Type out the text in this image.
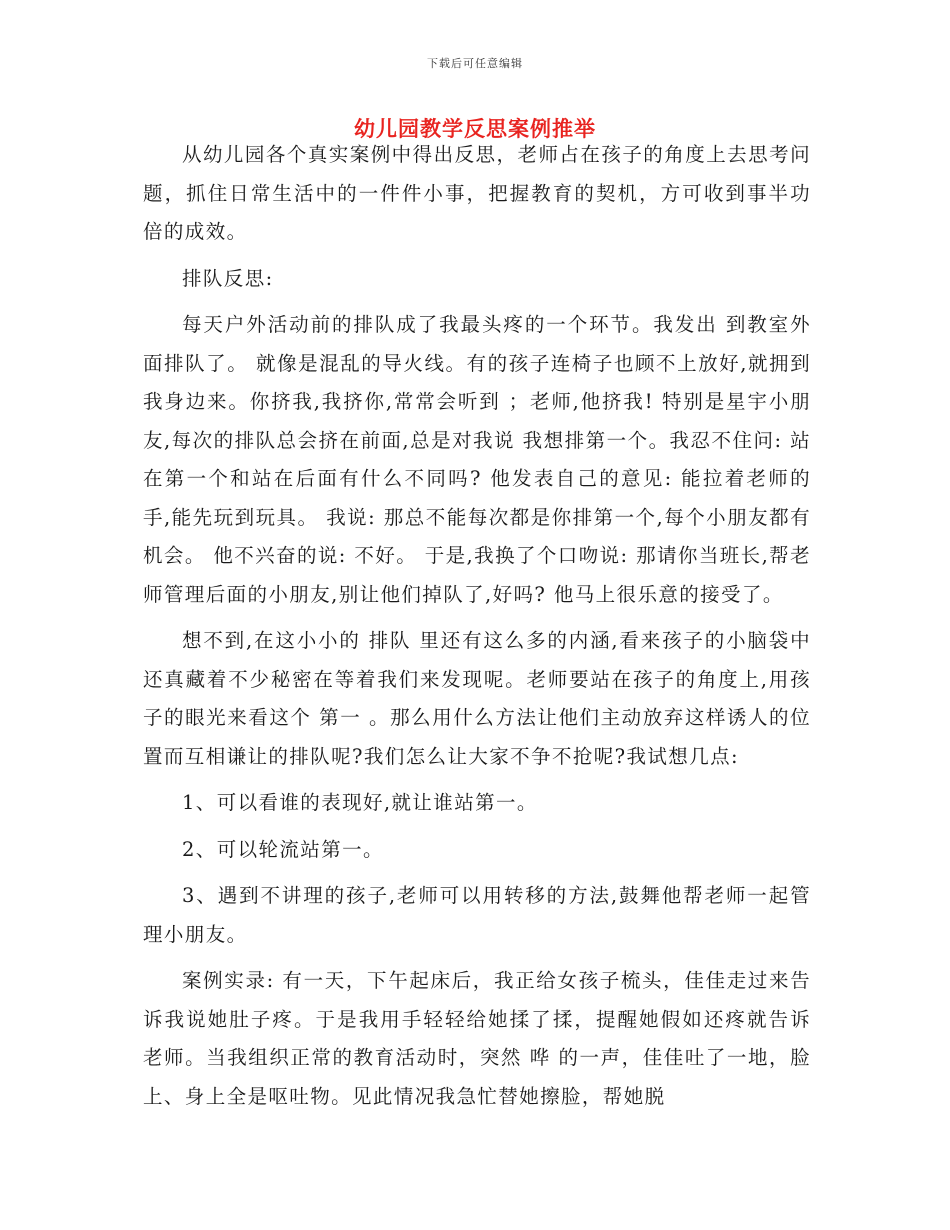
下载后可任意编辑
幼儿园教学反思案例推举

从幼儿园各个真实案例中得出反思，老师占在孩子的角度上去思考问题，抓住日常生活中的一件件小事，把握教育的契机，方可收到事半功倍的成效。

排队反思:

每天户外活动前的排队成了我最头疼的一个环节。我发出 到教室外面排队了。 就像是混乱的导火线。有的孩子连椅子也顾不上放好,就拥到我身边来。你挤我,我挤你,常常会听到 ；老师,他挤我! 特别是星宇小朋友,每次的排队总会挤在前面,总是对我说 我想排第一个。我忍不住问: 站在第一个和站在后面有什么不同吗? 他发表自己的意见: 能拉着老师的手,能先玩到玩具。 我说: 那总不能每次都是你排第一个,每个小朋友都有机会。 他不兴奋的说: 不好。 于是,我换了个口吻说: 那请你当班长,帮老师管理后面的小朋友,别让他们掉队了,好吗? 他马上很乐意的接受了。

想不到,在这小小的 排队 里还有这么多的内涵,看来孩子的小脑袋中还真藏着不少秘密在等着我们来发现呢。老师要站在孩子的角度上,用孩子的眼光来看这个 第一 。那么用什么方法让他们主动放弃这样诱人的位置而互相谦让的排队呢?我们怎么让大家不争不抢呢?我试想几点:

1、可以看谁的表现好,就让谁站第一。

2、可以轮流站第一。

3、遇到不讲理的孩子,老师可以用转移的方法,鼓舞他帮老师一起管理小朋友。

案例实录: 有一天，下午起床后，我正给女孩子梳头，佳佳走过来告诉我说她肚子疼。于是我用手轻轻给她揉了揉，提醒她假如还疼就告诉老师。当我组织正常的教育活动时，突然 哗 的一声，佳佳吐了一地，脸上、身上全是呕吐物。见此情况我急忙替她擦脸，帮她脱
